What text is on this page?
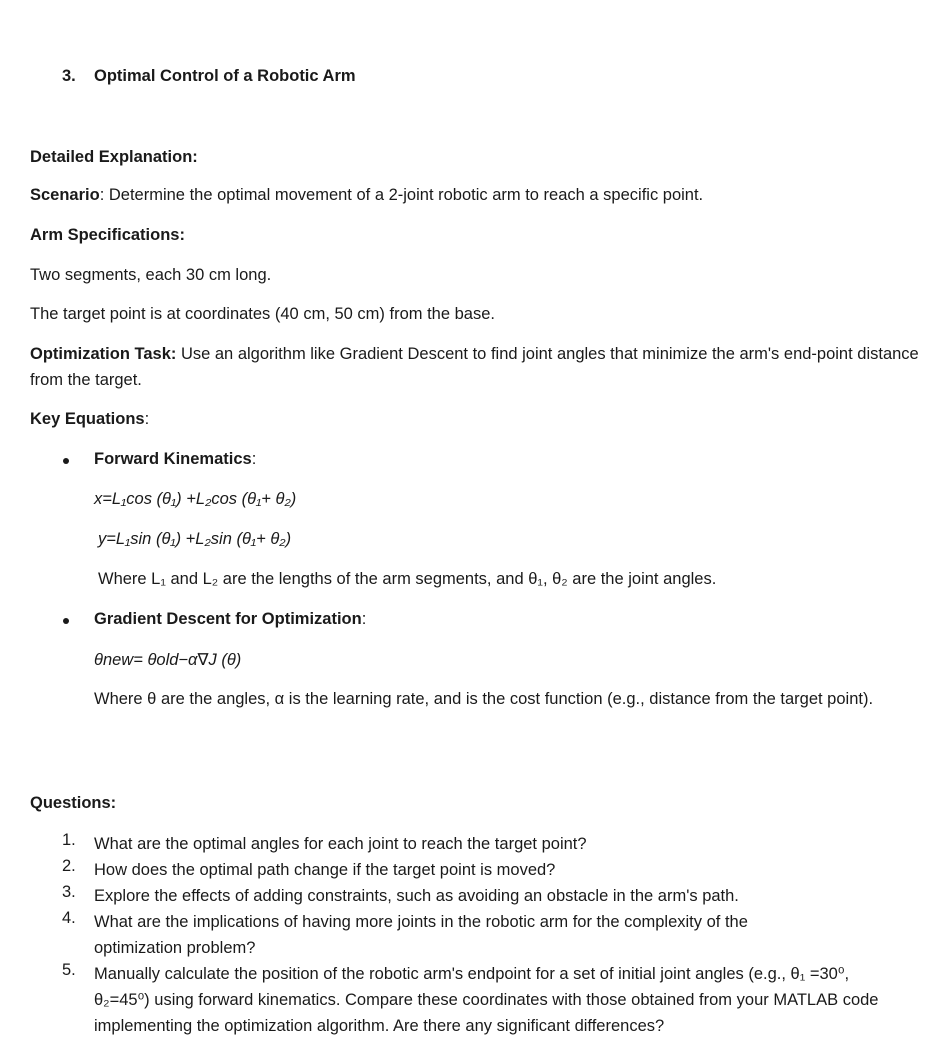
3. Optimal Control of a Robotic Arm
Detailed Explanation:
Scenario: Determine the optimal movement of a 2-joint robotic arm to reach a specific point.
Arm Specifications:
Two segments, each 30 cm long.
The target point is at coordinates (40 cm, 50 cm) from the base.
Optimization Task: Use an algorithm like Gradient Descent to find joint angles that minimize the arm's end-point distance from the target.
Key Equations:
Forward Kinematics:
x=L₁cos (θ₁) +L₂cos (θ₁+ θ₂)
y=L₁sin (θ₁) +L₂sin (θ₁+ θ₂)
Where L₁ and L₂ are the lengths of the arm segments, and θ₁, θ₂ are the joint angles.
Gradient Descent for Optimization:
θnew= θold−α∇J (θ)
Where θ are the angles, α is the learning rate, and is the cost function (e.g., distance from the target point).
Questions:
1. What are the optimal angles for each joint to reach the target point?
2. How does the optimal path change if the target point is moved?
3. Explore the effects of adding constraints, such as avoiding an obstacle in the arm's path.
4. What are the implications of having more joints in the robotic arm for the complexity of the optimization problem?
5. Manually calculate the position of the robotic arm's endpoint for a set of initial joint angles (e.g., θ₁ =30⁰, θ₂=45⁰) using forward kinematics. Compare these coordinates with those obtained from your MATLAB code implementing the optimization algorithm. Are there any significant differences?
